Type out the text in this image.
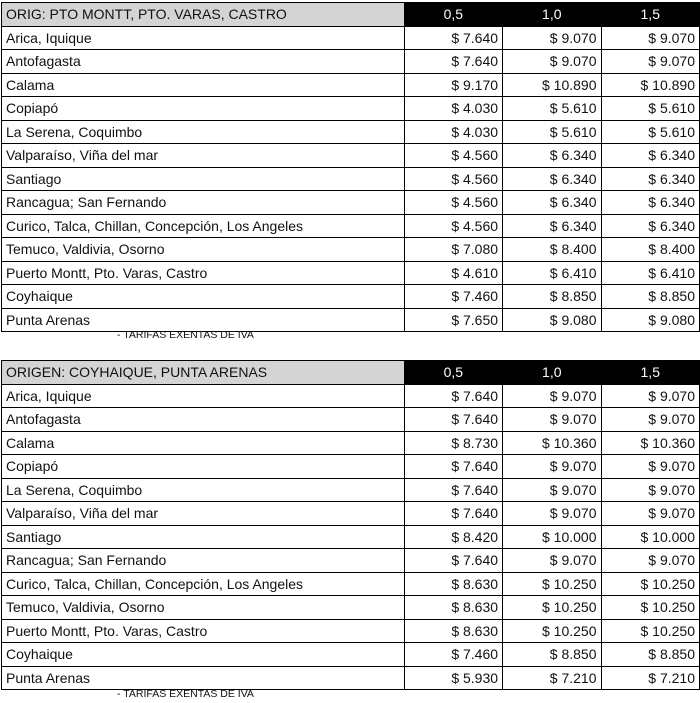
ORIG: PTO MONTT, PTO. VARAS, CASTRO	0,5	1,0	1,5
Arica, Iquique	$ 7.640	$ 9.070	$ 9.070
Antofagasta	$ 7.640	$ 9.070	$ 9.070
Calama	$ 9.170	$ 10.890	$ 10.890
Copiapó	$ 4.030	$ 5.610	$ 5.610
La Serena, Coquimbo	$ 4.030	$ 5.610	$ 5.610
Valparaíso, Viña del mar	$ 4.560	$ 6.340	$ 6.340
Santiago	$ 4.560	$ 6.340	$ 6.340
Rancagua; San Fernando	$ 4.560	$ 6.340	$ 6.340
Curico, Talca, Chillan, Concepción, Los Angeles	$ 4.560	$ 6.340	$ 6.340
Temuco, Valdivia, Osorno	$ 7.080	$ 8.400	$ 8.400
Puerto Montt, Pto. Varas, Castro	$ 4.610	$ 6.410	$ 6.410
Coyhaique	$ 7.460	$ 8.850	$ 8.850
Punta Arenas	$ 7.650	$ 9.080	$ 9.080
- TARIFAS EXENTAS DE IVA
ORIGEN: COYHAIQUE, PUNTA ARENAS	0,5	1,0	1,5
Arica, Iquique	$ 7.640	$ 9.070	$ 9.070
Antofagasta	$ 7.640	$ 9.070	$ 9.070
Calama	$ 8.730	$ 10.360	$ 10.360
Copiapó	$ 7.640	$ 9.070	$ 9.070
La Serena, Coquimbo	$ 7.640	$ 9.070	$ 9.070
Valparaíso, Viña del mar	$ 7.640	$ 9.070	$ 9.070
Santiago	$ 8.420	$ 10.000	$ 10.000
Rancagua; San Fernando	$ 7.640	$ 9.070	$ 9.070
Curico, Talca, Chillan, Concepción, Los Angeles	$ 8.630	$ 10.250	$ 10.250
Temuco, Valdivia, Osorno	$ 8.630	$ 10.250	$ 10.250
Puerto Montt, Pto. Varas, Castro	$ 8.630	$ 10.250	$ 10.250
Coyhaique	$ 7.460	$ 8.850	$ 8.850
Punta Arenas	$ 5.930	$ 7.210	$ 7.210
- TARIFAS EXENTAS DE IVA
